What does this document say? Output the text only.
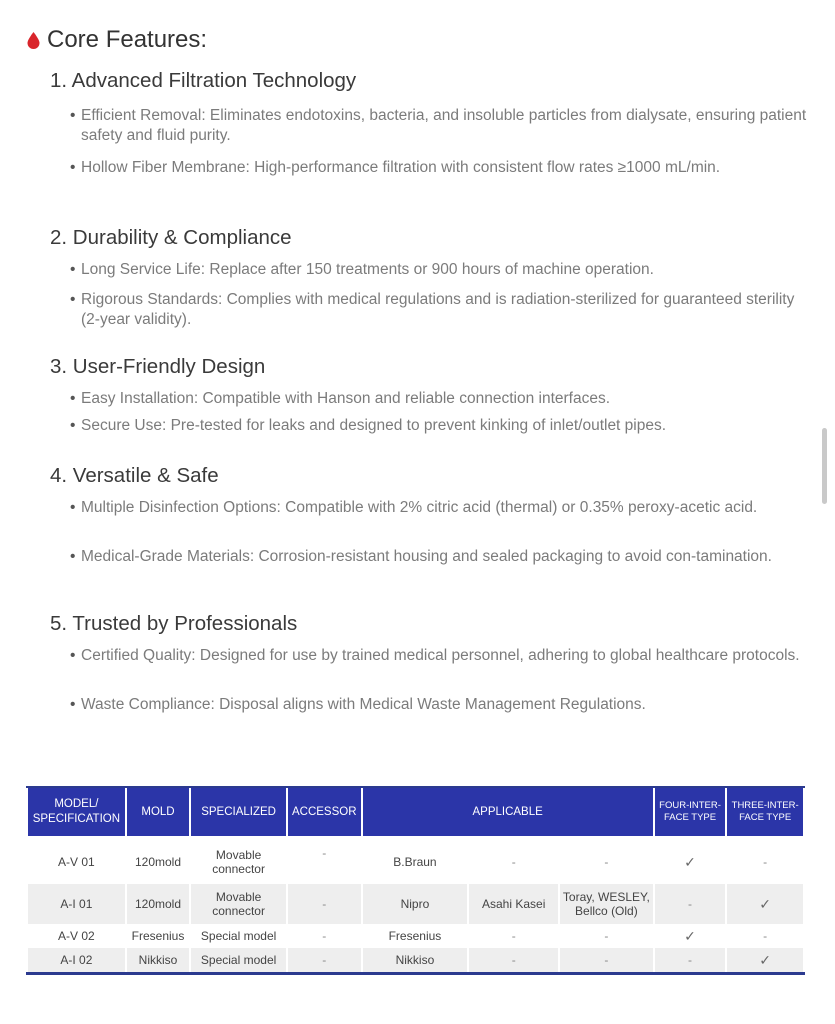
Core Features:
1. Advanced Filtration Technology
• Efficient Removal: Eliminates endotoxins, bacteria, and insoluble particles from dialysate, ensuring patient safety and fluid purity.
• Hollow Fiber Membrane: High-performance filtration with consistent flow rates ≥1000 mL/min.
2. Durability & Compliance
• Long Service Life: Replace after 150 treatments or 900 hours of machine operation.
• Rigorous Standards: Complies with medical regulations and is radiation-sterilized for guaranteed sterility (2-year validity).
3. User-Friendly Design
• Easy Installation: Compatible with Hanson and reliable connection interfaces.
• Secure Use: Pre-tested for leaks and designed to prevent kinking of inlet/outlet pipes.
4. Versatile & Safe
• Multiple Disinfection Options: Compatible with 2% citric acid (thermal) or 0.35% peroxy-acetic acid.
• Medical-Grade Materials: Corrosion-resistant housing and sealed packaging to avoid con-tamination.
5. Trusted by Professionals
• Certified Quality: Designed for use by trained medical personnel, adhering to global healthcare protocols.
• Waste Compliance: Disposal aligns with Medical Waste Management Regulations.
MODEL/ SPECIFICATION	MOLD	SPECIALIZED	ACCESSOR	APPLICABLE			FOUR-INTER-FACE TYPE	THREE-INTER-FACE TYPE

A-V 01	120mold	Movable connector	-	B.Braun	-	-	✓	-
A-I 01	120mold	Movable connector	-	Nipro	Asahi Kasei	Toray, WESLEY, Bellco (Old)	-	✓
A-V 02	Fresenius	Special model	-	Fresenius	-	-	✓	-
A-I 02	Nikkiso	Special model	-	Nikkiso	-	-	-	✓
